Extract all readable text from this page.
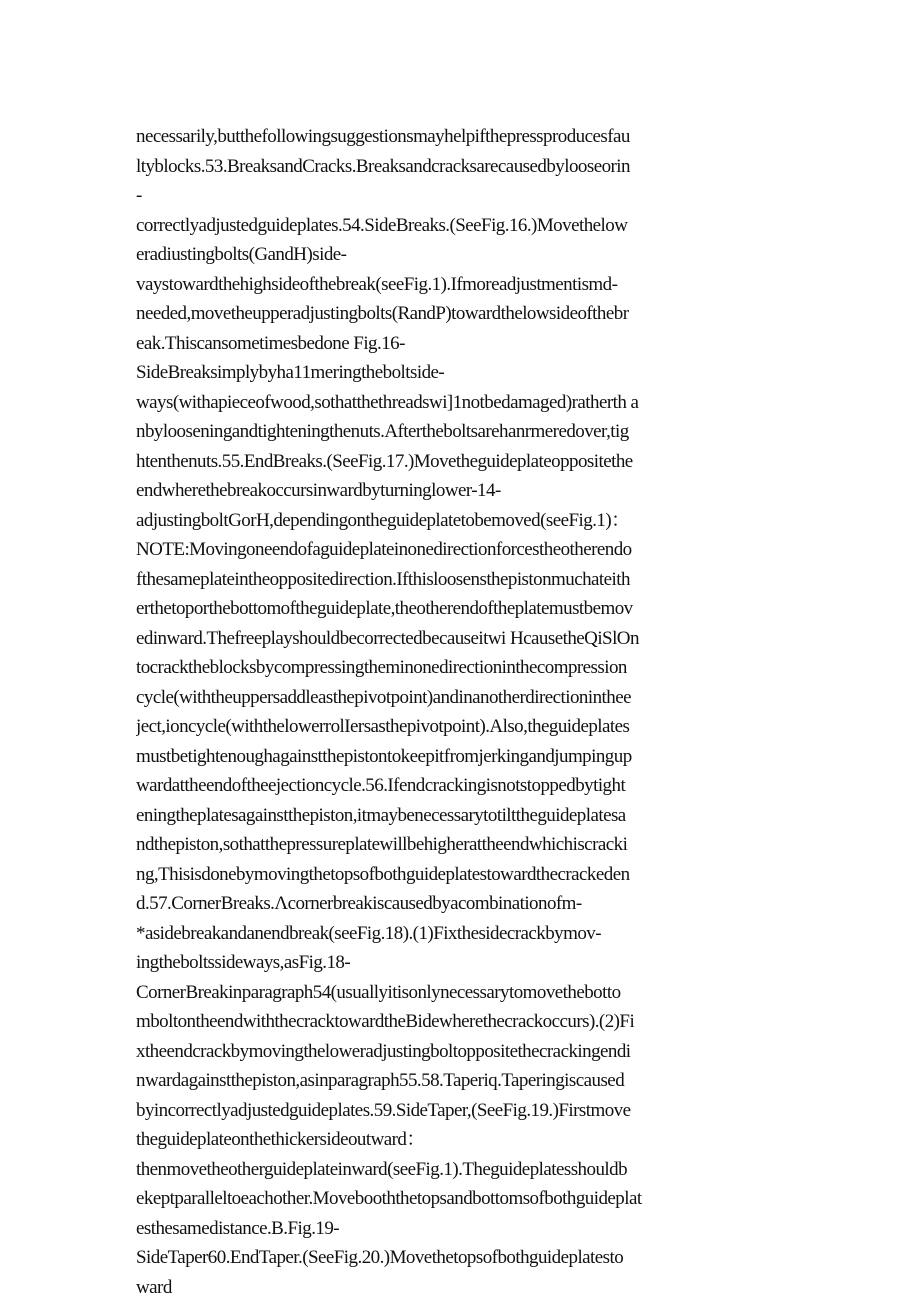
necessarily,butthefollowingsuggestionsmayhelpifthepressproducesfau
ltyblocks.53.BreaksandCracks.Breaksandcracksarecausedbylooseorin
-
correctlyadjustedguideplates.54.SideBreaks.(SeeFig.16.)Movethelow
eradiustingbolts(GandH)side-
vaystowardthehighsideofthebreak(seeFig.1).Ifmoreadjustmentismd-
needed,movetheupperadjustingbolts(RandP)towardthelowsideofthebr
eak.Thiscansometimesbedone Fig.16-
SideBreaksimplybyha11meringtheboltside-
ways(withapieceofwood,sothatthethreadswi]1notbedamaged)ratherth a
nbylooseningandtighteningthenuts.Aftertheboltsarehanrmeredover,tig
htenthenuts.55.EndBreaks.(SeeFig.17.)Movetheguideplateoppositethe
endwherethebreakoccursinwardbyturninglower-14-
adjustingboltGorH,dependingontheguideplatetobemoved(seeFig.1)：
NOTE:Movingoneendofaguideplateinonedirectionforcestheotherendo
fthesameplateintheoppositedirection.Ifthisloosensthepistonmuchateith
erthetoporthebottomoftheguideplate,theotherendoftheplatemustbemov
edinward.Thefreeplayshouldbecorrectedbecauseitwi HcausetheQiSlOn
tocracktheblocksbycompressingtheminonedirectioninthecompression
cycle(withtheuppersaddleasthepivotpoint)andinanotherdirectioninthee
ject,ioncycle(withthelowerrolIersasthepivotpoint).Also,theguideplates
mustbetightenoughagainstthepistontokeepitfromjerkingandjumpingup
wardattheendoftheejectioncycle.56.Ifendcrackingisnotstoppedbytight
eningtheplatesagainstthepiston,itmaybenecessarytotilttheguideplatesa
ndthepiston,sothatthepressureplatewillbehigherattheendwhichiscracki
ng,Thisisdonebymovingthetopsofbothguideplatestowardthecrackeden
d.57.CornerBreaks.Λcornerbreakiscausedbyacombinationofm-
*asidebreakandanendbreak(seeFig.18).(1)Fixthesidecrackbymov-
ingtheboltssideways,asFig.18-
CornerBreakinparagraph54(usuallyitisonlynecessarytomovethebotto
mboltontheendwiththecracktowardtheBidewherethecrackoccurs).(2)Fi
xtheendcrackbymovingtheloweradjustingboltoppositethecrackingendi
nwardagainstthepiston,asinparagraph55.58.Taperiq.Taperingiscaused
byincorrectlyadjustedguideplates.59.SideTaper,(SeeFig.19.)Firstmove
theguideplateonthethickersideoutward：
thenmovetheotherguideplateinward(seeFig.1).Theguideplatesshouldb
ekeptparalleltoeachother.Movebooththetopsandbottomsofbothguideplat
esthesamedistance.B.Fig.19-
SideTaper60.EndTaper.(SeeFig.20.)Movethetopsofbothguideplatesto
ward
